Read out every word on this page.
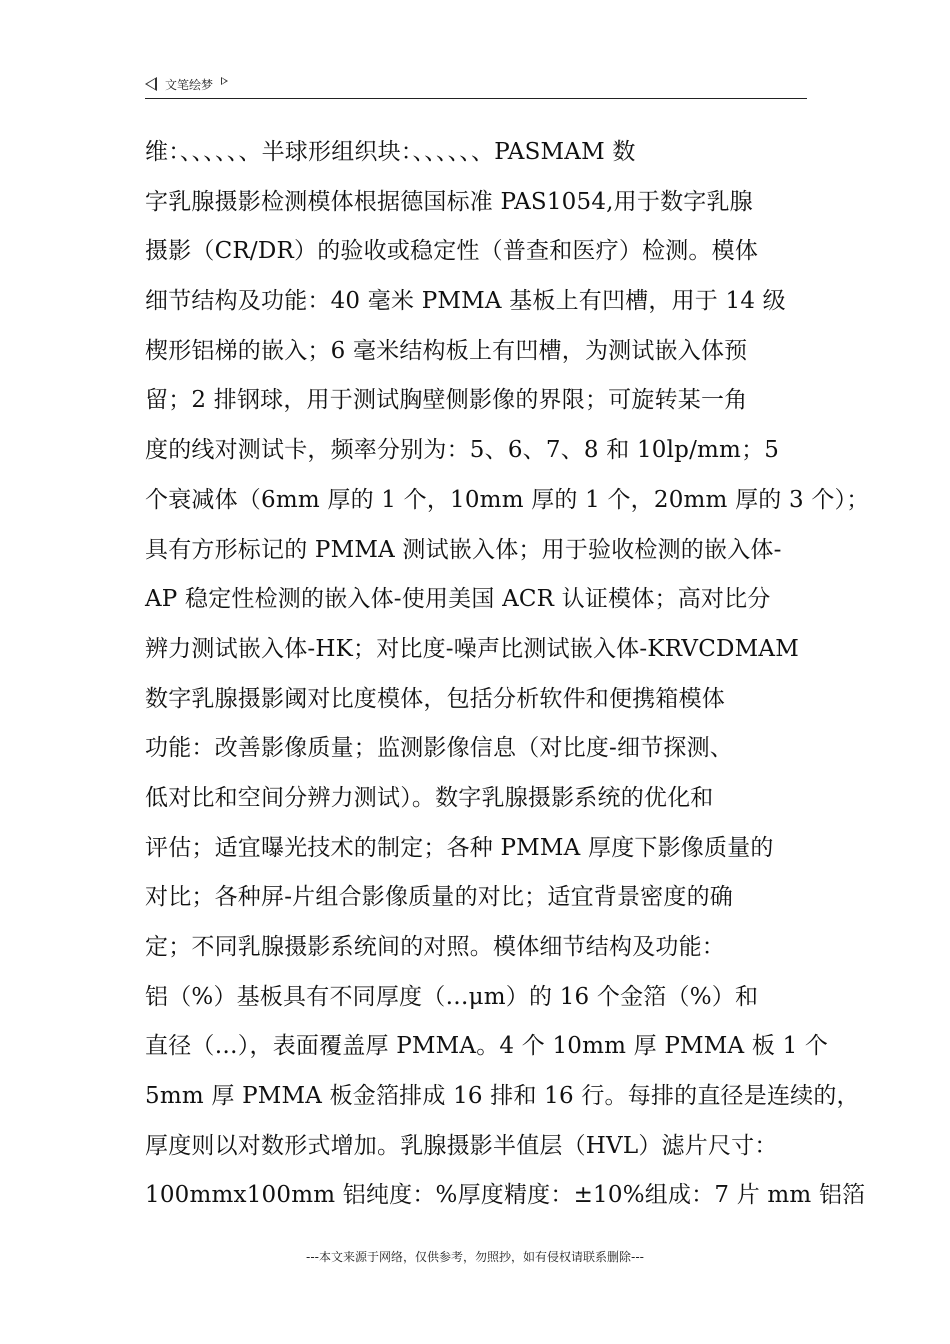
文笔绘梦
维：、、、、、、半球形组织块：、、、、、、PASMAM 数
字乳腺摄影检测模体根据德国标准 PAS1054,用于数字乳腺
摄影（CR/DR）的验收或稳定性（普查和医疗）检测。模体
细节结构及功能：40 毫米 PMMA 基板上有凹槽，用于 14 级
楔形铝梯的嵌入；6 毫米结构板上有凹槽，为测试嵌入体预
留；2 排钢球，用于测试胸壁侧影像的界限；可旋转某一角
度的线对测试卡，频率分别为：5、6、7、8 和 10lp/mm；5
个衰减体（6mm 厚的 1 个，10mm 厚的 1 个，20mm 厚的 3 个）；
具有方形标记的 PMMA 测试嵌入体；用于验收检测的嵌入体-
AP 稳定性检测的嵌入体-使用美国 ACR 认证模体；高对比分
辨力测试嵌入体-HK；对比度-噪声比测试嵌入体-KRVCDMAM
数字乳腺摄影阈对比度模体，包括分析软件和便携箱模体
功能：改善影像质量；监测影像信息（对比度-细节探测、
低对比和空间分辨力测试）。数字乳腺摄影系统的优化和
评估；适宜曝光技术的制定；各种 PMMA 厚度下影像质量的
对比；各种屏-片组合影像质量的对比；适宜背景密度的确
定；不同乳腺摄影系统间的对照。模体细节结构及功能：
铝（%）基板具有不同厚度（…μm）的 16 个金箔（%）和
直径（…），表面覆盖厚 PMMA。4 个 10mm 厚 PMMA 板 1 个
5mm 厚 PMMA 板金箔排成 16 排和 16 行。每排的直径是连续的，
厚度则以对数形式增加。乳腺摄影半值层（HVL）滤片尺寸：
100mmx100mm 铝纯度：%厚度精度：±10%组成：7 片 mm 铝箔
---本文来源于网络，仅供参考，勿照抄，如有侵权请联系删除---
